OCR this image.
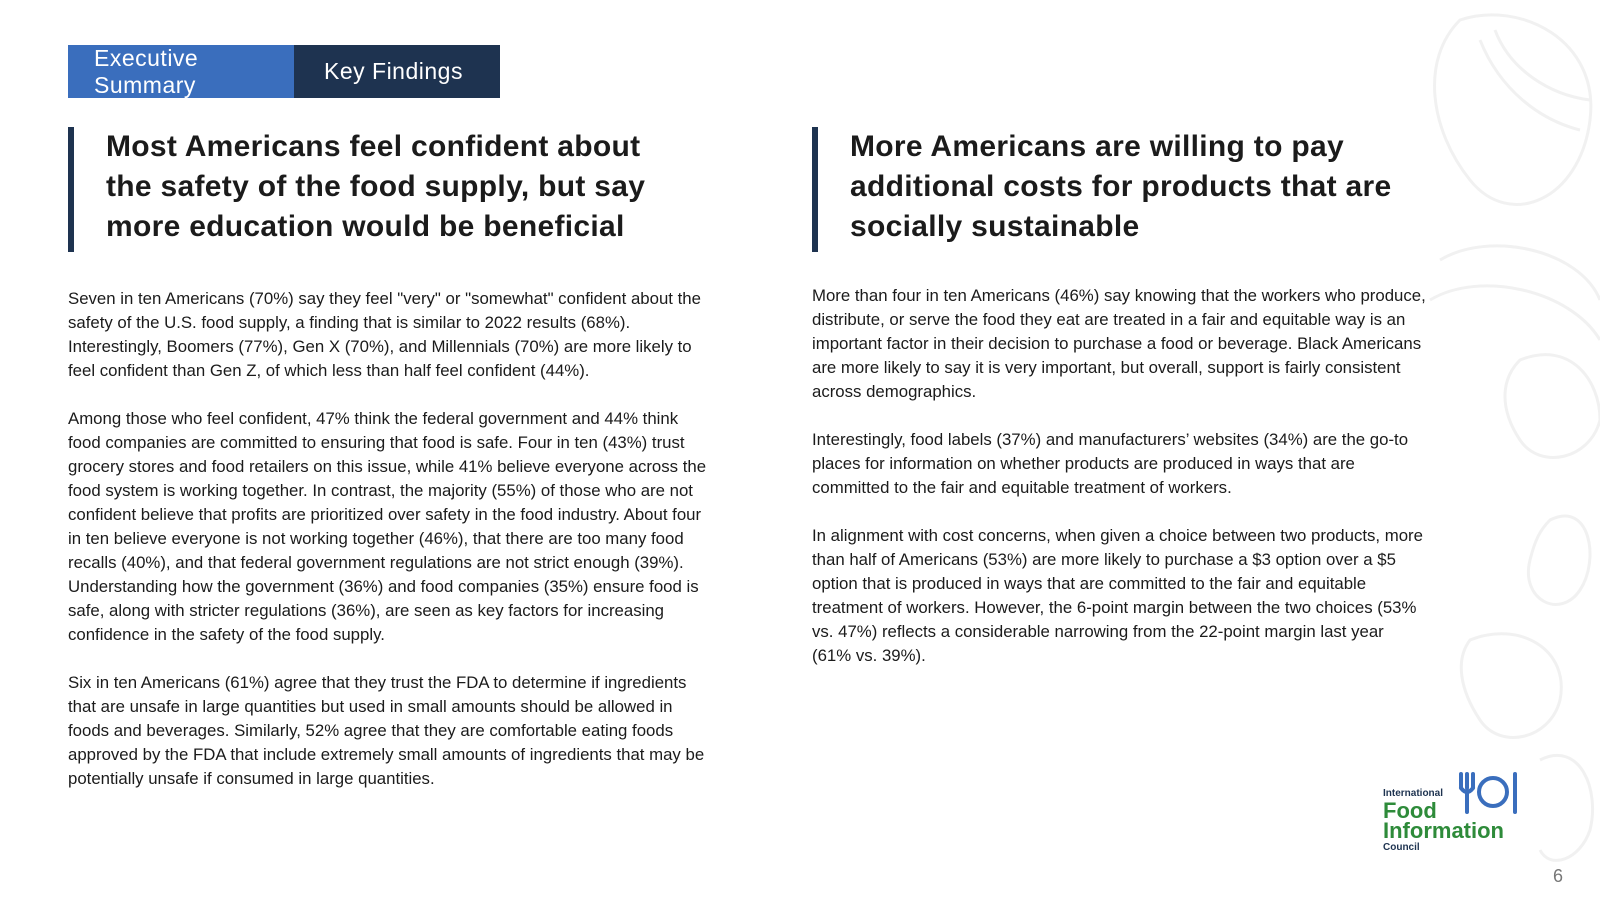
Executive Summary
Key Findings
Most Americans feel confident about
the safety of the food supply, but say
more education would be beneficial
More Americans are willing to pay
additional costs for products that are
socially sustainable

Seven in ten Americans (70%) say they feel "very" or "somewhat" confident about the safety of the U.S. food supply, a finding that is similar to 2022 results (68%). Interestingly, Boomers (77%), Gen X (70%), and Millennials (70%) are more likely to feel confident than Gen Z, of which less than half feel confident (44%).

Among those who feel confident, 47% think the federal government and 44% think food companies are committed to ensuring that food is safe. Four in ten (43%) trust grocery stores and food retailers on this issue, while 41% believe everyone across the food system is working together. In contrast, the majority (55%) of those who are not confident believe that profits are prioritized over safety in the food industry. About four in ten believe everyone is not working together (46%), that there are too many food recalls (40%), and that federal government regulations are not strict enough (39%). Understanding how the government (36%) and food companies (35%) ensure food is safe, along with stricter regulations (36%), are seen as key factors for increasing confidence in the safety of the food supply.

Six in ten Americans (61%) agree that they trust the FDA to determine if ingredients that are unsafe in large quantities but used in small amounts should be allowed in foods and beverages. Similarly, 52% agree that they are comfortable eating foods approved by the FDA that include extremely small amounts of ingredients that may be potentially unsafe if consumed in large quantities.

More than four in ten Americans (46%) say knowing that the workers who produce, distribute, or serve the food they eat are treated in a fair and equitable way is an important factor in their decision to purchase a food or beverage. Black Americans are more likely to say it is very important, but overall, support is fairly consistent across demographics.

Interestingly, food labels (37%) and manufacturers’ websites (34%) are the go-to places for information on whether products are produced in ways that are committed to the fair and equitable treatment of workers.

In alignment with cost concerns, when given a choice between two products, more than half of Americans (53%) are more likely to purchase a $3 option over a $5 option that is produced in ways that are committed to the fair and equitable treatment of workers. However, the 6-point margin between the two choices (53% vs. 47%) reflects a considerable narrowing from the 22-point margin last year (61% vs. 39%).

International
Food
Information
Council
6
